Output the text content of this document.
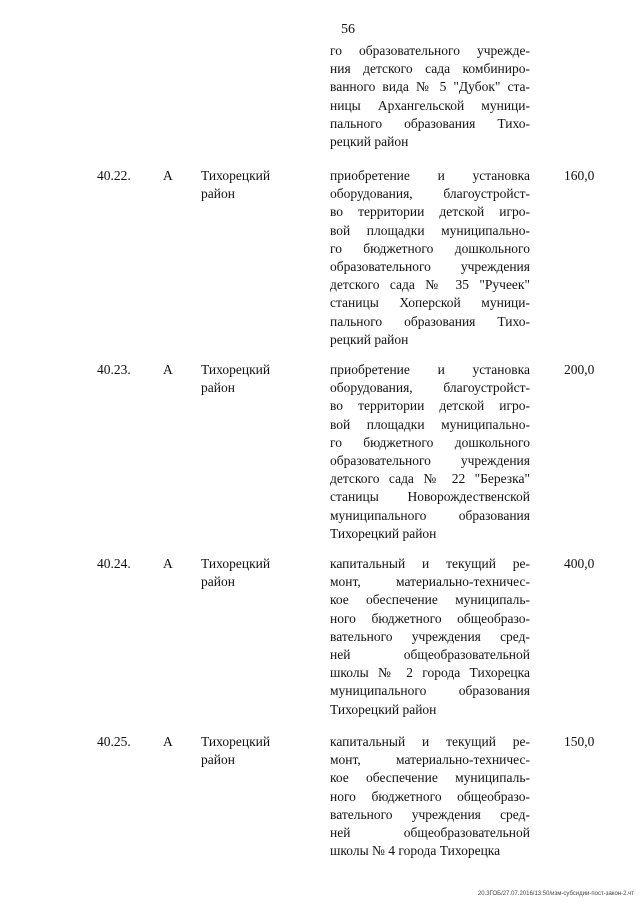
56
го образовательного учрежде-
ния детского сада комбиниро-
ванного вида № 5 "Дубок" ста-
ницы Архангельской муници-
пального образования Тихо-
рецкий район
40.22. А Тихорецкий район
160,0
приобретение и установка
оборудования, благоустройст-
во территории детской игро-
вой площадки муниципально-
го бюджетного дошкольного
образовательного учреждения
детского сада № 35 "Ручеек"
станицы Хоперской муници-
пального образования Тихо-
рецкий район
40.23. А Тихорецкий район
200,0
приобретение и установка
оборудования, благоустройст-
во территории детской игро-
вой площадки муниципально-
го бюджетного дошкольного
образовательного учреждения
детского сада № 22 "Березка"
станицы Новорождественской
муниципального образования
Тихорецкий район
40.24. А Тихорецкий район
400,0
капитальный и текущий ре-
монт, материально-техничес-
кое обеспечение муниципаль-
ного бюджетного общеобразо-
вательного учреждения сред-
ней общеобразовательной
школы № 2 города Тихорецка
муниципального образования
Тихорецкий район
40.25. А Тихорецкий район
150,0
капитальный и текущий ре-
монт, материально-техничес-
кое обеспечение муниципаль-
ного бюджетного общеобразо-
вательного учреждения сред-
ней общеобразовательной
школы № 4 города Тихорецка
20.3ГОБ/27.07.2016/13:50/изм-субсидии-пост-закон-2.чт
